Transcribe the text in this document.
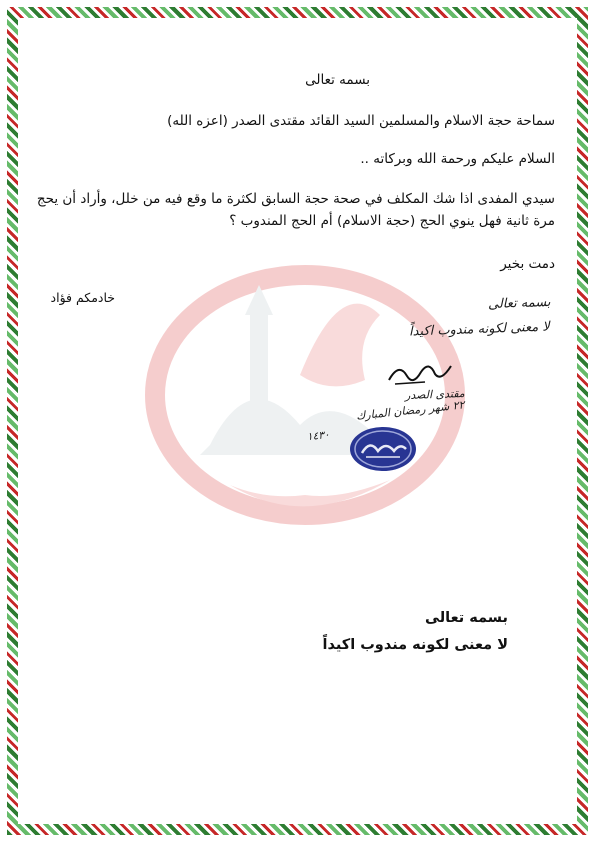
بسمه تعالى
سماحة حجة الاسلام والمسلمين السيد القائد مقتدى الصدر (اعزه الله)
السلام عليكم ورحمة الله وبركاته ..
سيدي المفدى اذا شك المكلف في صحة حجة السابق لكثرة ما وقع فيه من خلل، وأراد أن يحج مرة ثانية فهل ينوي الحج (حجة الاسلام) أم الحج المندوب ؟
دمت بخير
خادمكم فؤاد	بسمه تعالى
لا معنى لكونه مندوب اكيداً
مقتدى الصدر
٢٢ شهر رمضان المبارك
١٤٣٠
بسمه تعالى
لا معنى لكونه مندوب اكيداً
